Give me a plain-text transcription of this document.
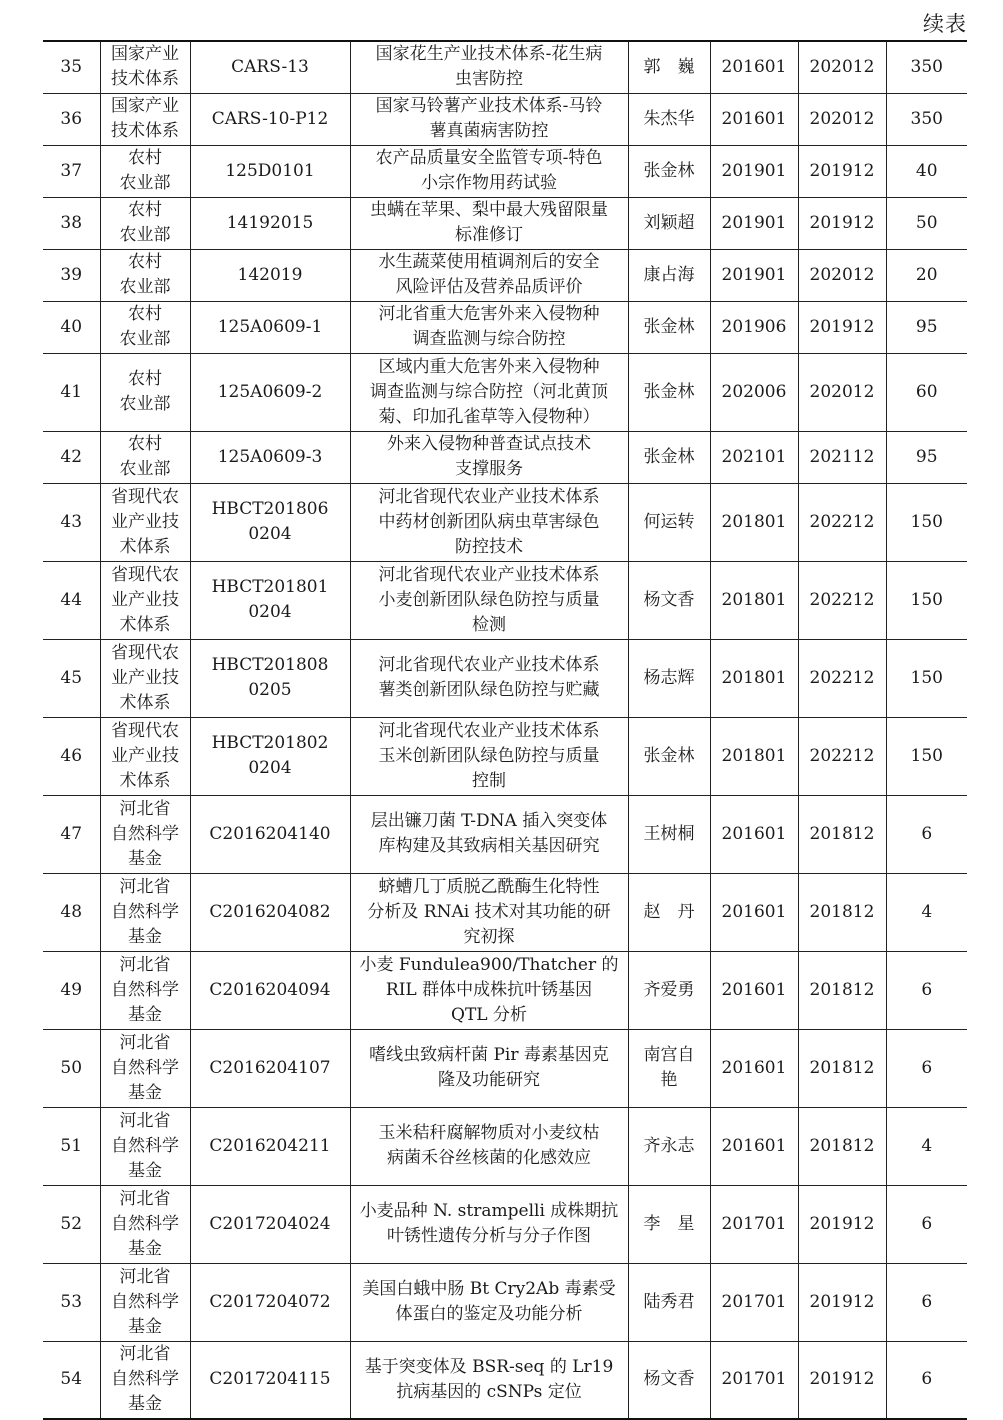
续表
35	国家产业
技术体系	CARS-13	国家花生产业技术体系-花生病
虫害防控	郭　巍	201601	202012	350

36	国家产业
技术体系	CARS-10-P12	国家马铃薯产业技术体系-马铃
薯真菌病害防控	朱杰华	201601	202012	350

37	农村
农业部	125D0101	农产品质量安全监管专项-特色
小宗作物用药试验	张金林	201901	201912	40

38	农村
农业部	14192015	虫螨在苹果、梨中最大残留限量
标准修订	刘颖超	201901	201912	50

39	农村
农业部	142019	水生蔬菜使用植调剂后的安全
风险评估及营养品质评价	康占海	201901	202012	20

40	农村
农业部	125A0609-1	河北省重大危害外来入侵物种
调查监测与综合防控	张金林	201906	201912	95

41	农村
农业部	125A0609-2	区域内重大危害外来入侵物种
调查监测与综合防控（河北黄顶
菊、印加孔雀草等入侵物种）	张金林	202006	202012	60

42	农村
农业部	125A0609-3	外来入侵物种普查试点技术
支撑服务	张金林	202101	202112	95

43	省现代农
业产业技
术体系	HBCT201806
0204	河北省现代农业产业技术体系
中药材创新团队病虫草害绿色
防控技术	何运转	201801	202212	150

44	省现代农
业产业技
术体系	HBCT201801
0204	河北省现代农业产业技术体系
小麦创新团队绿色防控与质量
检测	杨文香	201801	202212	150

45	省现代农
业产业技
术体系	HBCT201808
0205	河北省现代农业产业技术体系
薯类创新团队绿色防控与贮藏	杨志辉	201801	202212	150

46	省现代农
业产业技
术体系	HBCT201802
0204	河北省现代农业产业技术体系
玉米创新团队绿色防控与质量
控制	张金林	201801	202212	150

47	河北省
自然科学
基金	C2016204140	层出镰刀菌 T-DNA 插入突变体
库构建及其致病相关基因研究	王树桐	201601	201812	6

48	河北省
自然科学
基金	C2016204082	蛴螬几丁质脱乙酰酶生化特性
分析及 RNAi 技术对其功能的研
究初探	赵　丹	201601	201812	4

49	河北省
自然科学
基金	C2016204094	小麦 Fundulea900/Thatcher 的
RIL 群体中成株抗叶锈基因
QTL 分析	齐爱勇	201601	201812	6

50	河北省
自然科学
基金	C2016204107	嗜线虫致病杆菌 Pir 毒素基因克
隆及功能研究	南宫自
艳	201601	201812	6

51	河北省
自然科学
基金	C2016204211	玉米秸秆腐解物质对小麦纹枯
病菌禾谷丝核菌的化感效应	齐永志	201601	201812	4

52	河北省
自然科学
基金	C2017204024	小麦品种 N. strampelli 成株期抗
叶锈性遗传分析与分子作图	李　星	201701	201912	6

53	河北省
自然科学
基金	C2017204072	美国白蛾中肠 Bt Cry2Ab 毒素受
体蛋白的鉴定及功能分析	陆秀君	201701	201912	6

54	河北省
自然科学
基金	C2017204115	基于突变体及 BSR-seq 的 Lr19
抗病基因的 cSNPs 定位	杨文香	201701	201912	6
